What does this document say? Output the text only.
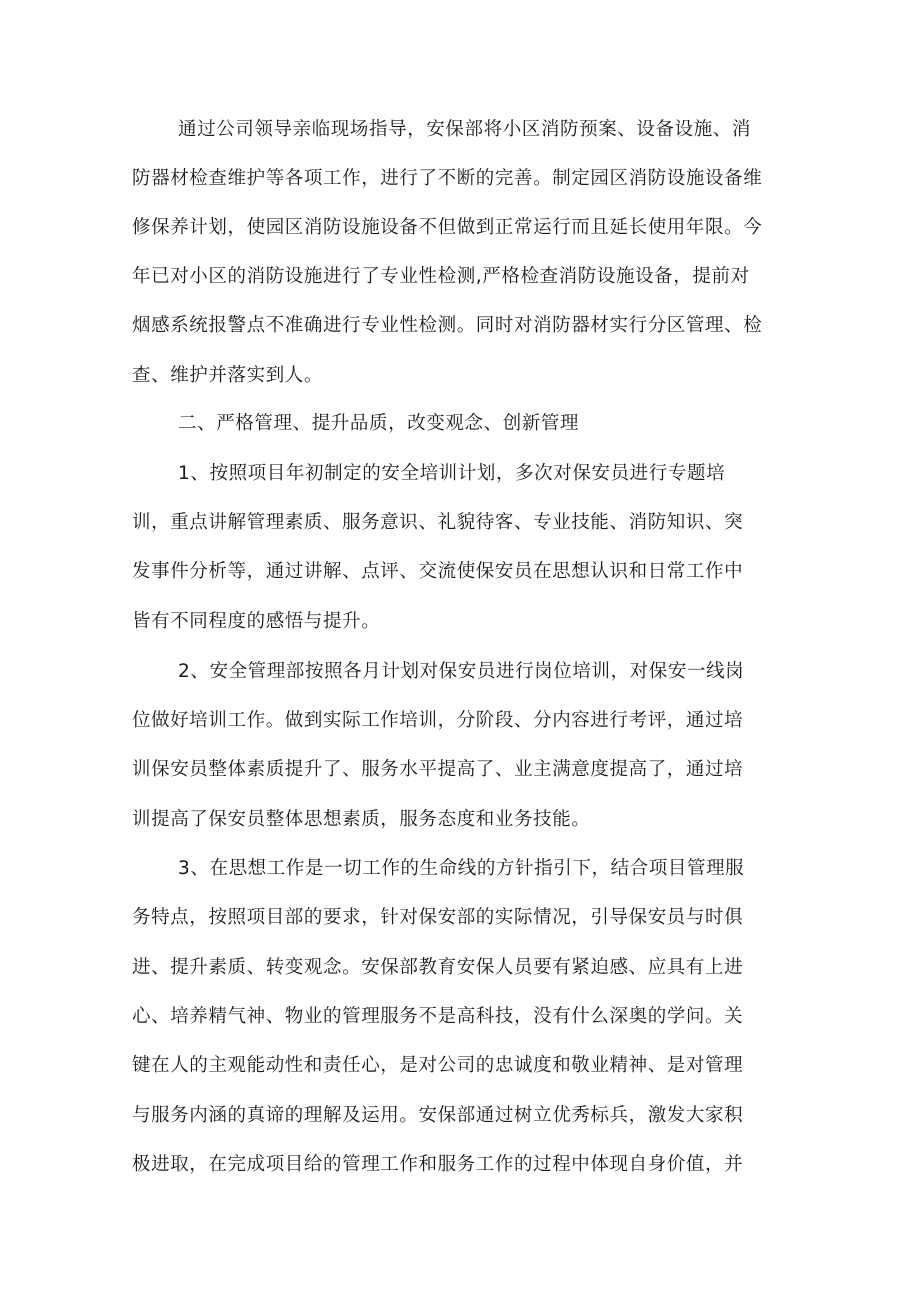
通过公司领导亲临现场指导，安保部将小区消防预案、设备设施、消
防器材检查维护等各项工作，进行了不断的完善。制定园区消防设施设备维
修保养计划，使园区消防设施设备不但做到正常运行而且延长使用年限。今
年已对小区的消防设施进行了专业性检测,严格检查消防设施设备，提前对
烟感系统报警点不准确进行专业性检测。同时对消防器材实行分区管理、检
查、维护并落实到人。
二、严格管理、提升品质，改变观念、创新管理
1、按照项目年初制定的安全培训计划，多次对保安员进行专题培
训，重点讲解管理素质、服务意识、礼貌待客、专业技能、消防知识、突
发事件分析等，通过讲解、点评、交流使保安员在思想认识和日常工作中
皆有不同程度的感悟与提升。
2、安全管理部按照各月计划对保安员进行岗位培训，对保安一线岗
位做好培训工作。做到实际工作培训，分阶段、分内容进行考评，通过培
训保安员整体素质提升了、服务水平提高了、业主满意度提高了，通过培
训提高了保安员整体思想素质，服务态度和业务技能。
3、在思想工作是一切工作的生命线的方针指引下，结合项目管理服
务特点，按照项目部的要求，针对保安部的实际情况，引导保安员与时俱
进、提升素质、转变观念。安保部教育安保人员要有紧迫感、应具有上进
心、培养精气神、物业的管理服务不是高科技，没有什么深奥的学问。关
键在人的主观能动性和责任心，是对公司的忠诚度和敬业精神、是对管理
与服务内涵的真谛的理解及运用。安保部通过树立优秀标兵，激发大家积
极进取，在完成项目给的管理工作和服务工作的过程中体现自身价值，并
